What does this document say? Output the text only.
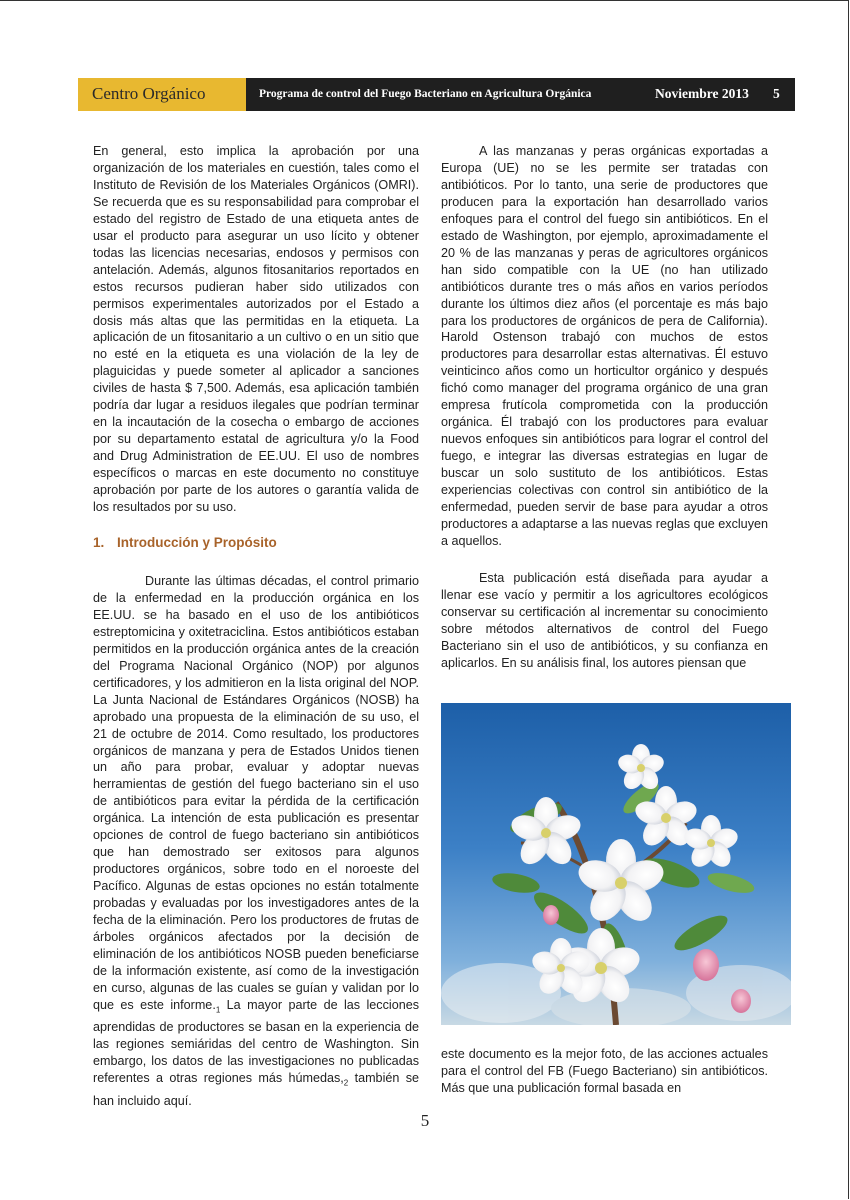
Centro Orgánico	Programa de control del Fuego Bacteriano en Agricultura Orgánica	Noviembre 2013 5

En general, esto implica la aprobación por una organización de los materiales en cuestión, tales como el Instituto de Revisión de los Materiales Orgánicos (OMRI). Se recuerda que es su responsabilidad para comprobar el estado del registro de Estado de una etiqueta antes de usar el producto para asegurar un uso lícito y obtener todas las licencias necesarias, endosos y permisos con antelación. Además, algunos fitosanitarios reportados en estos recursos pudieran haber sido utilizados con permisos experimentales autorizados por el Estado a dosis más altas que las permitidas en la etiqueta. La aplicación de un fitosanitario a un cultivo o en un sitio que no esté en la etiqueta es una violación de la ley de plaguicidas y puede someter al aplicador a sanciones civiles de hasta $ 7,500. Además, esa aplicación también podría dar lugar a residuos ilegales que podrían terminar en la incautación de la cosecha o embargo de acciones por su departamento estatal de agricultura y/o la Food and Drug Administration de EE.UU. El uso de nombres específicos o marcas en este documento no constituye aprobación por parte de los autores o garantía valida de los resultados por su uso.

1. Introducción y Propósito

Durante las últimas décadas, el control primario de la enfermedad en la producción orgánica en los EE.UU. se ha basado en el uso de los antibióticos estreptomicina y oxitetraciclina. Estos antibióticos estaban permitidos en la producción orgánica antes de la creación del Programa Nacional Orgánico (NOP) por algunos certificadores, y los admitieron en la lista original del NOP. La Junta Nacional de Estándares Orgánicos (NOSB) ha aprobado una propuesta de la eliminación de su uso, el 21 de octubre de 2014. Como resultado, los productores orgánicos de manzana y pera de Estados Unidos tienen un año para probar, evaluar y adoptar nuevas herramientas de gestión del fuego bacteriano sin el uso de antibióticos para evitar la pérdida de la certificación orgánica. La intención de esta publicación es presentar opciones de control de fuego bacteriano sin antibióticos que han demostrado ser exitosos para algunos productores orgánicos, sobre todo en el noroeste del Pacífico. Algunas de estas opciones no están totalmente probadas y evaluadas por los investigadores antes de la fecha de la eliminación. Pero los productores de frutas de árboles orgánicos afectados por la decisión de eliminación de los antibióticos NOSB pueden beneficiarse de la información existente, así como de la investigación en curso, algunas de las cuales se guían y validan por lo que es este $informe._1$ La mayor parte de las lecciones aprendidas de productores se basan en la experiencia de las regiones semiáridas del centro de Washington. Sin embargo, los datos de las investigaciones no publicadas referentes a otras regiones más $húmedas,_2$ también se han incluido aquí.

A las manzanas y peras orgánicas exportadas a Europa (UE) no se les permite ser tratadas con antibióticos. Por lo tanto, una serie de productores que producen para la exportación han desarrollado varios enfoques para el control del fuego sin antibióticos. En el estado de Washington, por ejemplo, aproximadamente el 20 % de las manzanas y peras de agricultores orgánicos han sido compatible con la UE (no han utilizado antibióticos durante tres o más años en varios períodos durante los últimos diez años (el porcentaje es más bajo para los productores de orgánicos de pera de California). Harold Ostenson trabajó con muchos de estos productores para desarrollar estas alternativas. Él estuvo veinticinco años como un horticultor orgánico y después fichó como manager del programa orgánico de una gran empresa frutícola comprometida con la producción orgánica. Él trabajó con los productores para evaluar nuevos enfoques sin antibióticos para lograr el control del fuego, e integrar las diversas estrategias en lugar de buscar un solo sustituto de los antibióticos. Estas experiencias colectivas con control sin antibiótico de la enfermedad, pueden servir de base para ayudar a otros productores a adaptarse a las nuevas reglas que excluyen a aquellos.

Esta publicación está diseñada para ayudar a llenar ese vacío y permitir a los agricultores ecológicos conservar su certificación al incrementar su conocimiento sobre métodos alternativos de control del Fuego Bacteriano sin el uso de antibióticos, y su confianza en aplicarlos. En su análisis final, los autores piensan que

este documento es la mejor foto, de las acciones actuales para el control del FB (Fuego Bacteriano) sin antibióticos. Más que una publicación formal basada en

5
